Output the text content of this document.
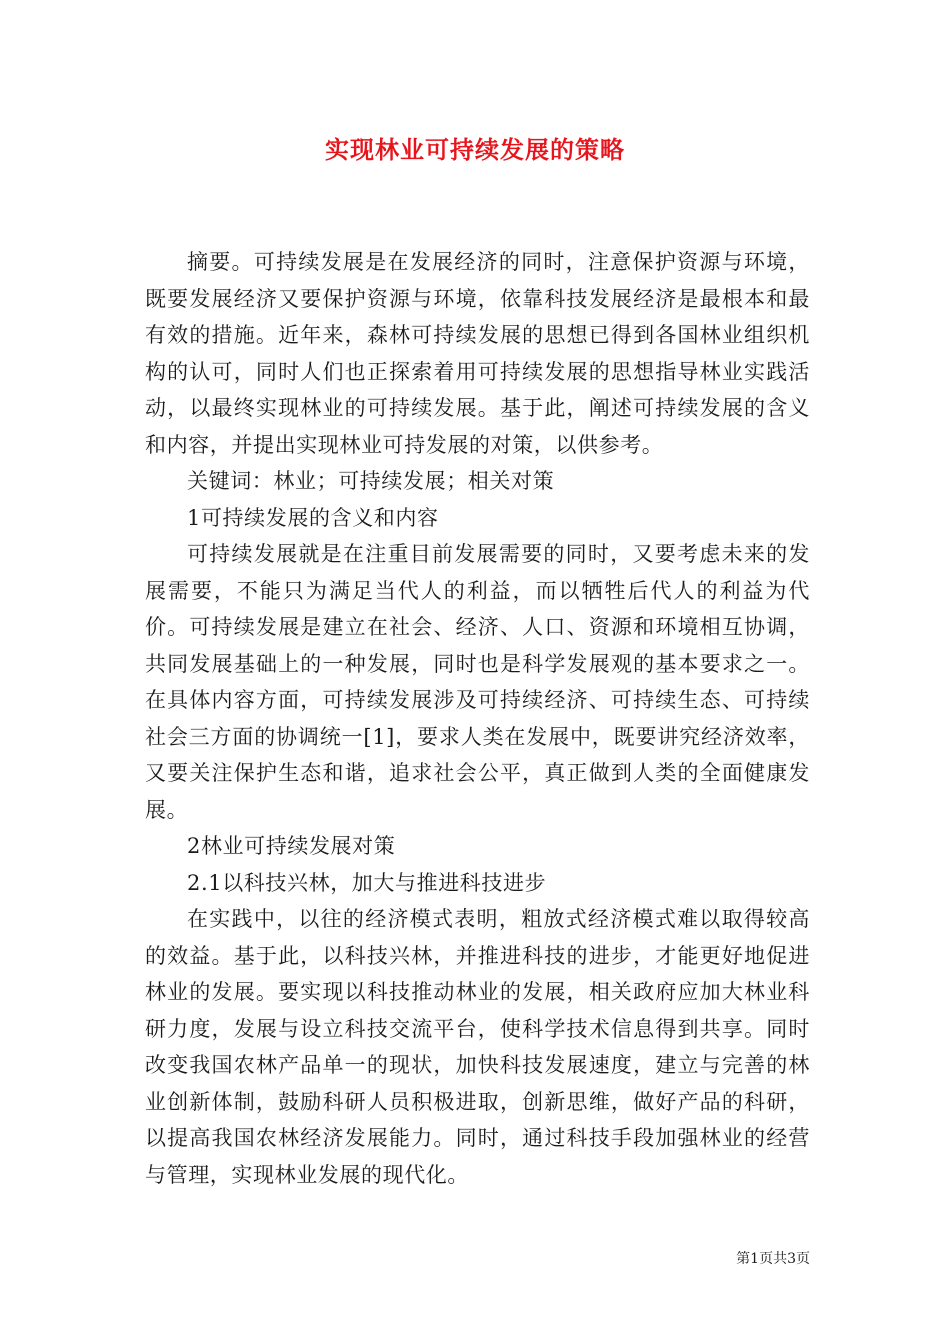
实现林业可持续发展的策略

摘要。可持续发展是在发展经济的同时，注意保护资源与环境，既要发展经济又要保护资源与环境，依靠科技发展经济是最根本和最有效的措施。近年来，森林可持续发展的思想已得到各国林业组织机构的认可，同时人们也正探索着用可持续发展的思想指导林业实践活动，以最终实现林业的可持续发展。基于此，阐述可持续发展的含义和内容，并提出实现林业可持发展的对策，以供参考。

关键词：林业；可持续发展；相关对策

1可持续发展的含义和内容

可持续发展就是在注重目前发展需要的同时，又要考虑未来的发展需要，不能只为满足当代人的利益，而以牺牲后代人的利益为代价。可持续发展是建立在社会、经济、人口、资源和环境相互协调，共同发展基础上的一种发展，同时也是科学发展观的基本要求之一。在具体内容方面，可持续发展涉及可持续经济、可持续生态、可持续社会三方面的协调统一[1]，要求人类在发展中，既要讲究经济效率，又要关注保护生态和谐，追求社会公平，真正做到人类的全面健康发展。

2林业可持续发展对策

2.1以科技兴林，加大与推进科技进步

在实践中，以往的经济模式表明，粗放式经济模式难以取得较高的效益。基于此，以科技兴林，并推进科技的进步，才能更好地促进林业的发展。要实现以科技推动林业的发展，相关政府应加大林业科研力度，发展与设立科技交流平台，使科学技术信息得到共享。同时改变我国农林产品单一的现状，加快科技发展速度，建立与完善的林业创新体制，鼓励科研人员积极进取，创新思维，做好产品的科研，以提高我国农林经济发展能力。同时，通过科技手段加强林业的经营与管理，实现林业发展的现代化。

第1页共3页
